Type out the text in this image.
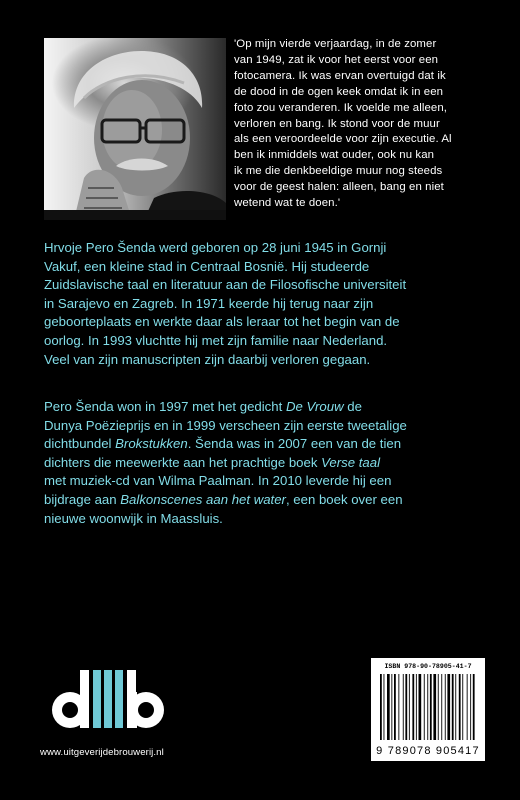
'Op mijn vierde verjaardag, in de zomer
van 1949, zat ik voor het eerst voor een
fotocamera. Ik was ervan overtuigd dat ik
de dood in de ogen keek omdat ik in een
foto zou veranderen. Ik voelde me alleen,
verloren en bang. Ik stond voor de muur
als een veroordeelde voor zijn executie. Al
ben ik inmiddels wat ouder, ook nu kan
ik me die denkbeeldige muur nog steeds
voor de geest halen: alleen, bang en niet
wetend wat te doen.'
Hrvoje Pero Šenda werd geboren op 28 juni 1945 in Gornji
Vakuf, een kleine stad in Centraal Bosnië. Hij studeerde
Zuidslavische taal en literatuur aan de Filosofische universiteit
in Sarajevo en Zagreb. In 1971 keerde hij terug naar zijn
geboorteplaats en werkte daar als leraar tot het begin van de
oorlog. In 1993 vluchtte hij met zijn familie naar Nederland.
Veel van zijn manuscripten zijn daarbij verloren gegaan.
Pero Šenda won in 1997 met het gedicht De Vrouw de
Dunya Poëzieprijs en in 1999 verscheen zijn eerste tweetalige
dichtbundel Brokstukken. Šenda was in 2007 een van de tien
dichters die meewerkte aan het prachtige boek Verse taal
met muziek-cd van Wilma Paalman. In 2010 leverde hij een
bijdrage aan Balkonscenes aan het water, een boek over een
nieuwe woonwijk in Maassluis.
www.uitgeverijdebrouwerij.nl
ISBN 978-90-78905-41-7
9 789078 905417
